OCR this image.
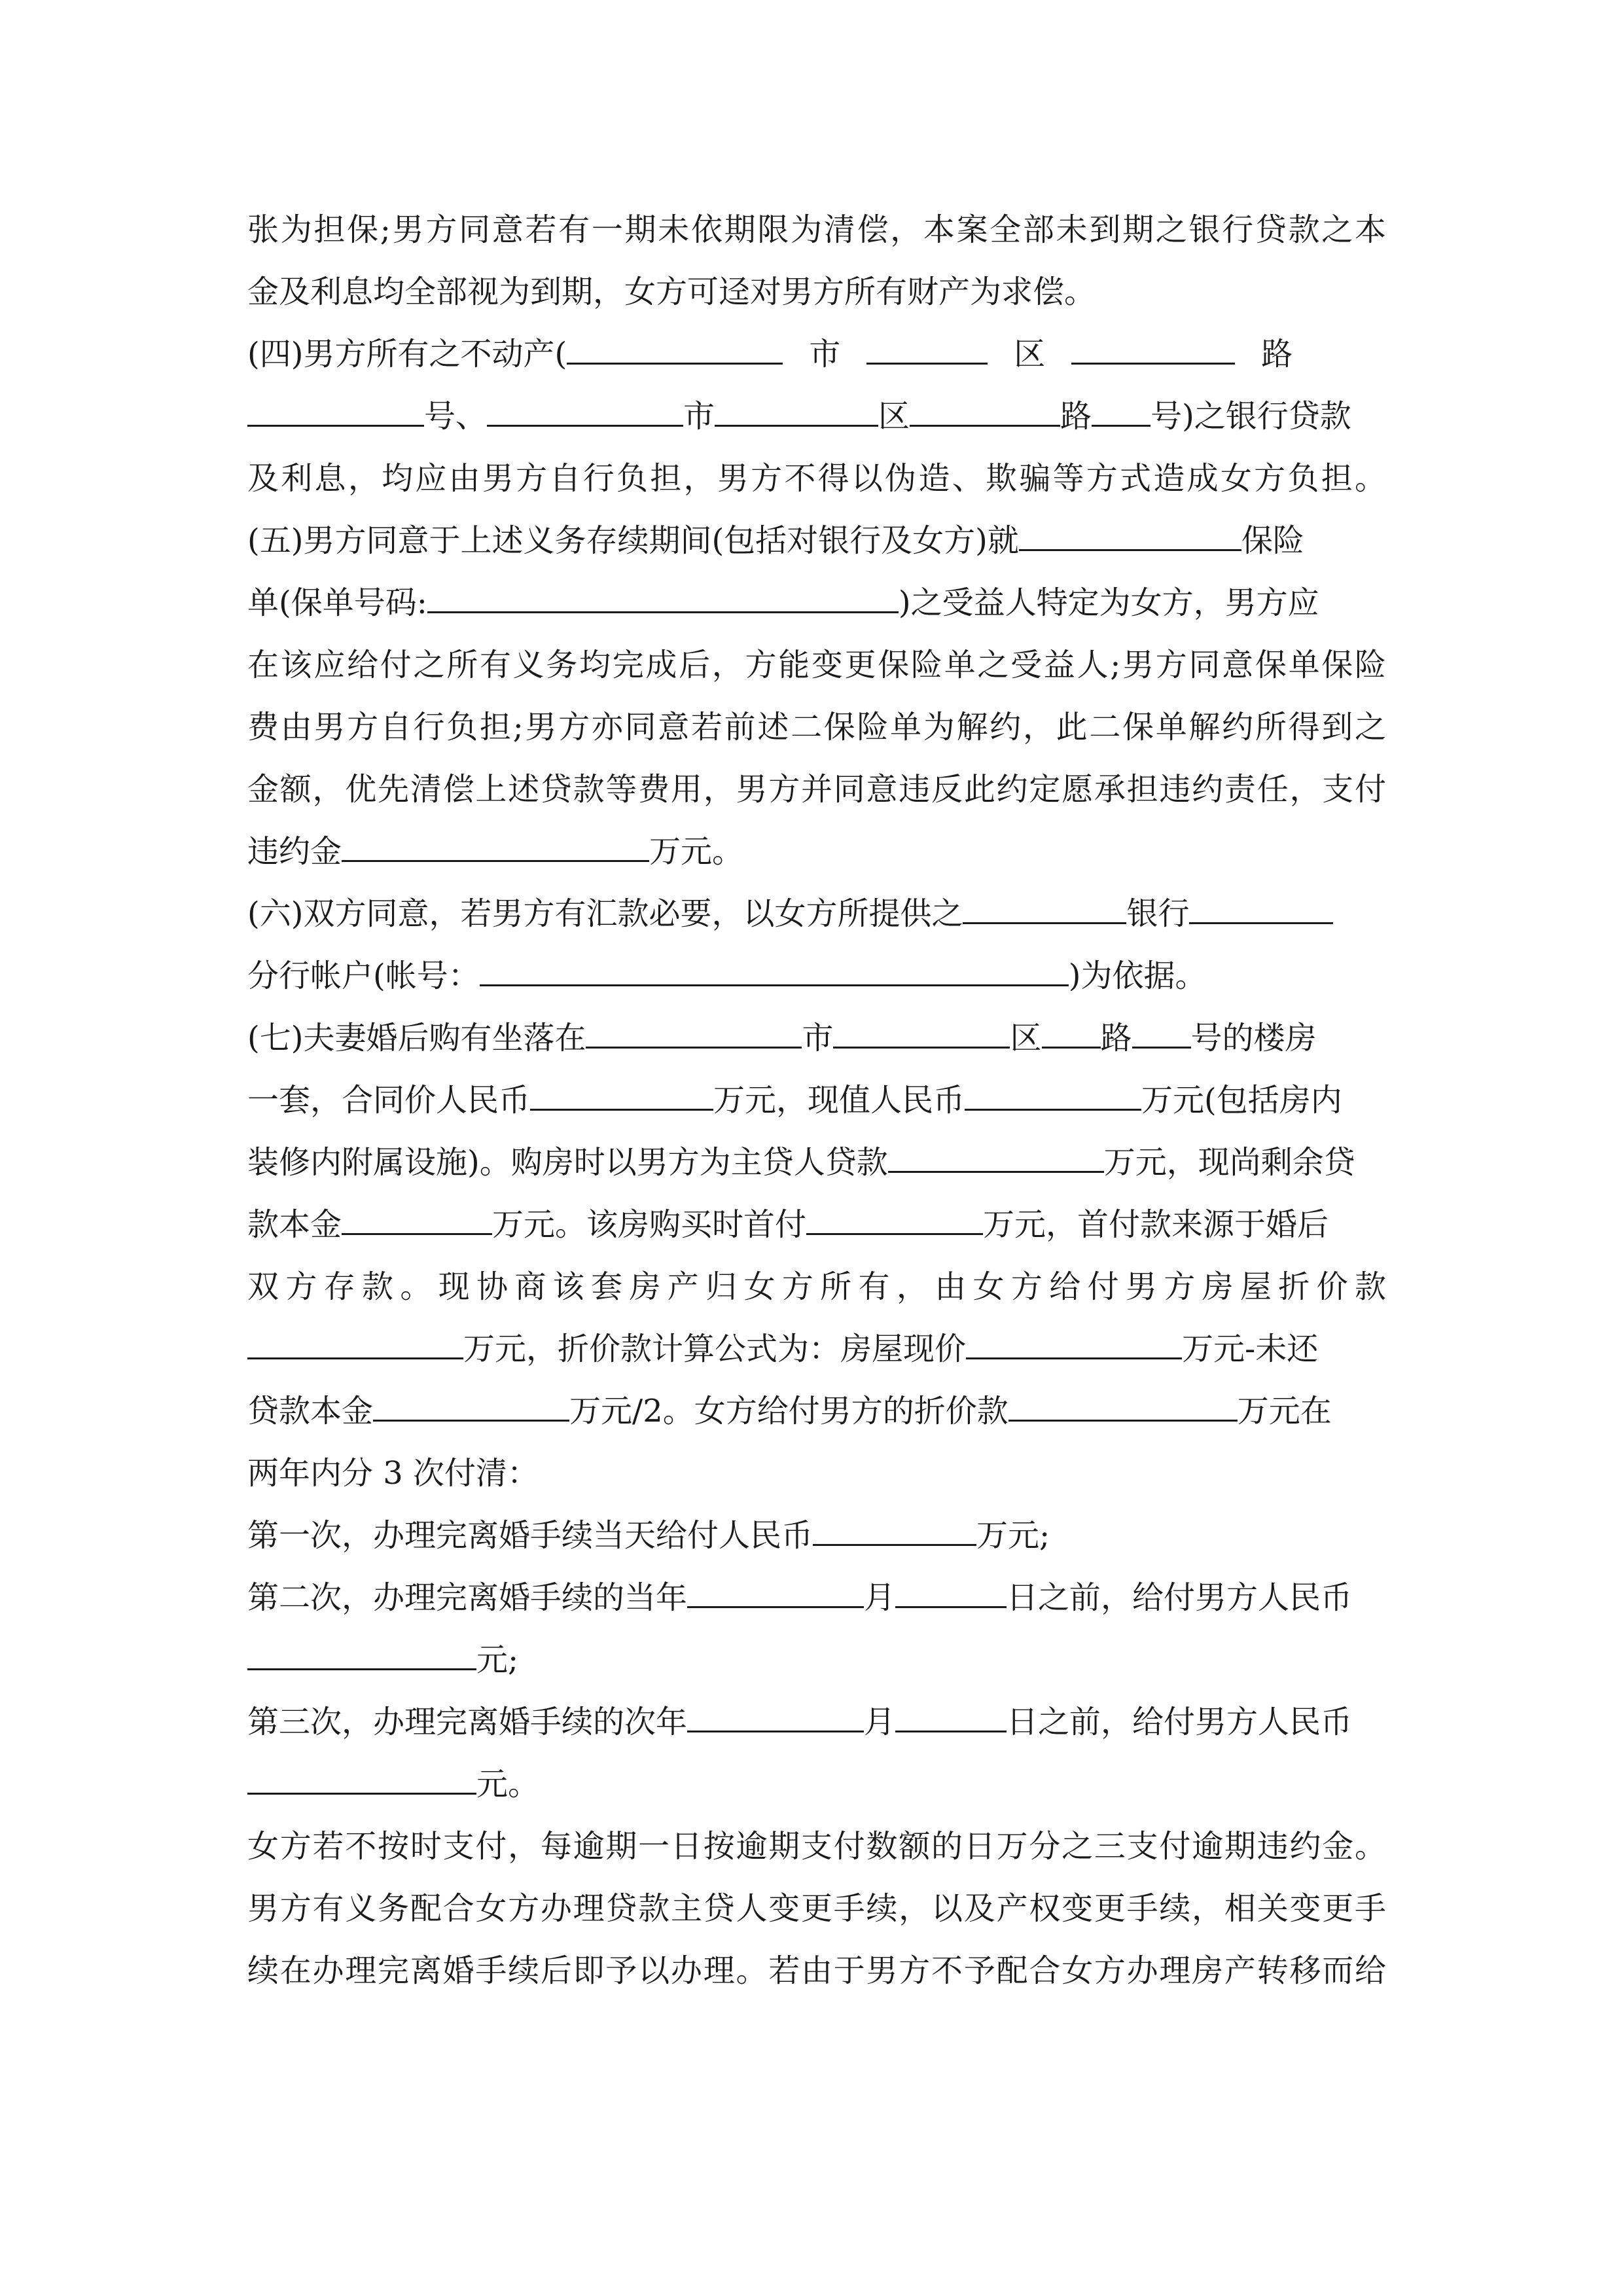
张为担保;男方同意若有一期未依期限为清偿，本案全部未到期之银行贷款之本
金及利息均全部视为到期，女方可迳对男方所有财产为求偿。
(四)男方所有之不动产(	市	区	路
号、	市	区	路 号)之银行贷款
及利息，均应由男方自行负担，男方不得以伪造、欺骗等方式造成女方负担。
(五)男方同意于上述义务存续期间(包括对银行及女方)就	保险
单(保单号码:	)之受益人特定为女方，男方应
在该应给付之所有义务均完成后，方能变更保险单之受益人;男方同意保单保险
费由男方自行负担;男方亦同意若前述二保险单为解约，此二保单解约所得到之
金额，优先清偿上述贷款等费用，男方并同意违反此约定愿承担违约责任，支付
违约金	万元。
(六)双方同意，若男方有汇款必要，以女方所提供之	银行
分行帐户(帐号：	)为依据。
(七)夫妻婚后购有坐落在	市	区 路 号的楼房
一套，合同价人民币	万元，现值人民币	万元(包括房内
装修内附属设施)。购房时以男方为主贷人贷款	万元，现尚剩余贷
款本金	万元。该房购买时首付	万元，首付款来源于婚后
双方存款。现协商该套房产归女方所有，由女方给付男方房屋折价款
万元，折价款计算公式为：房屋现价	万元-未还
贷款本金	万元/2。女方给付男方的折价款	万元在
两年内分 3 次付清：
第一次，办理完离婚手续当天给付人民币	万元;
第二次，办理完离婚手续的当年	月	日之前，给付男方人民币
元;
第三次，办理完离婚手续的次年	月	日之前，给付男方人民币
元。
女方若不按时支付，每逾期一日按逾期支付数额的日万分之三支付逾期违约金。
男方有义务配合女方办理贷款主贷人变更手续，以及产权变更手续，相关变更手
续在办理完离婚手续后即予以办理。若由于男方不予配合女方办理房产转移而给
